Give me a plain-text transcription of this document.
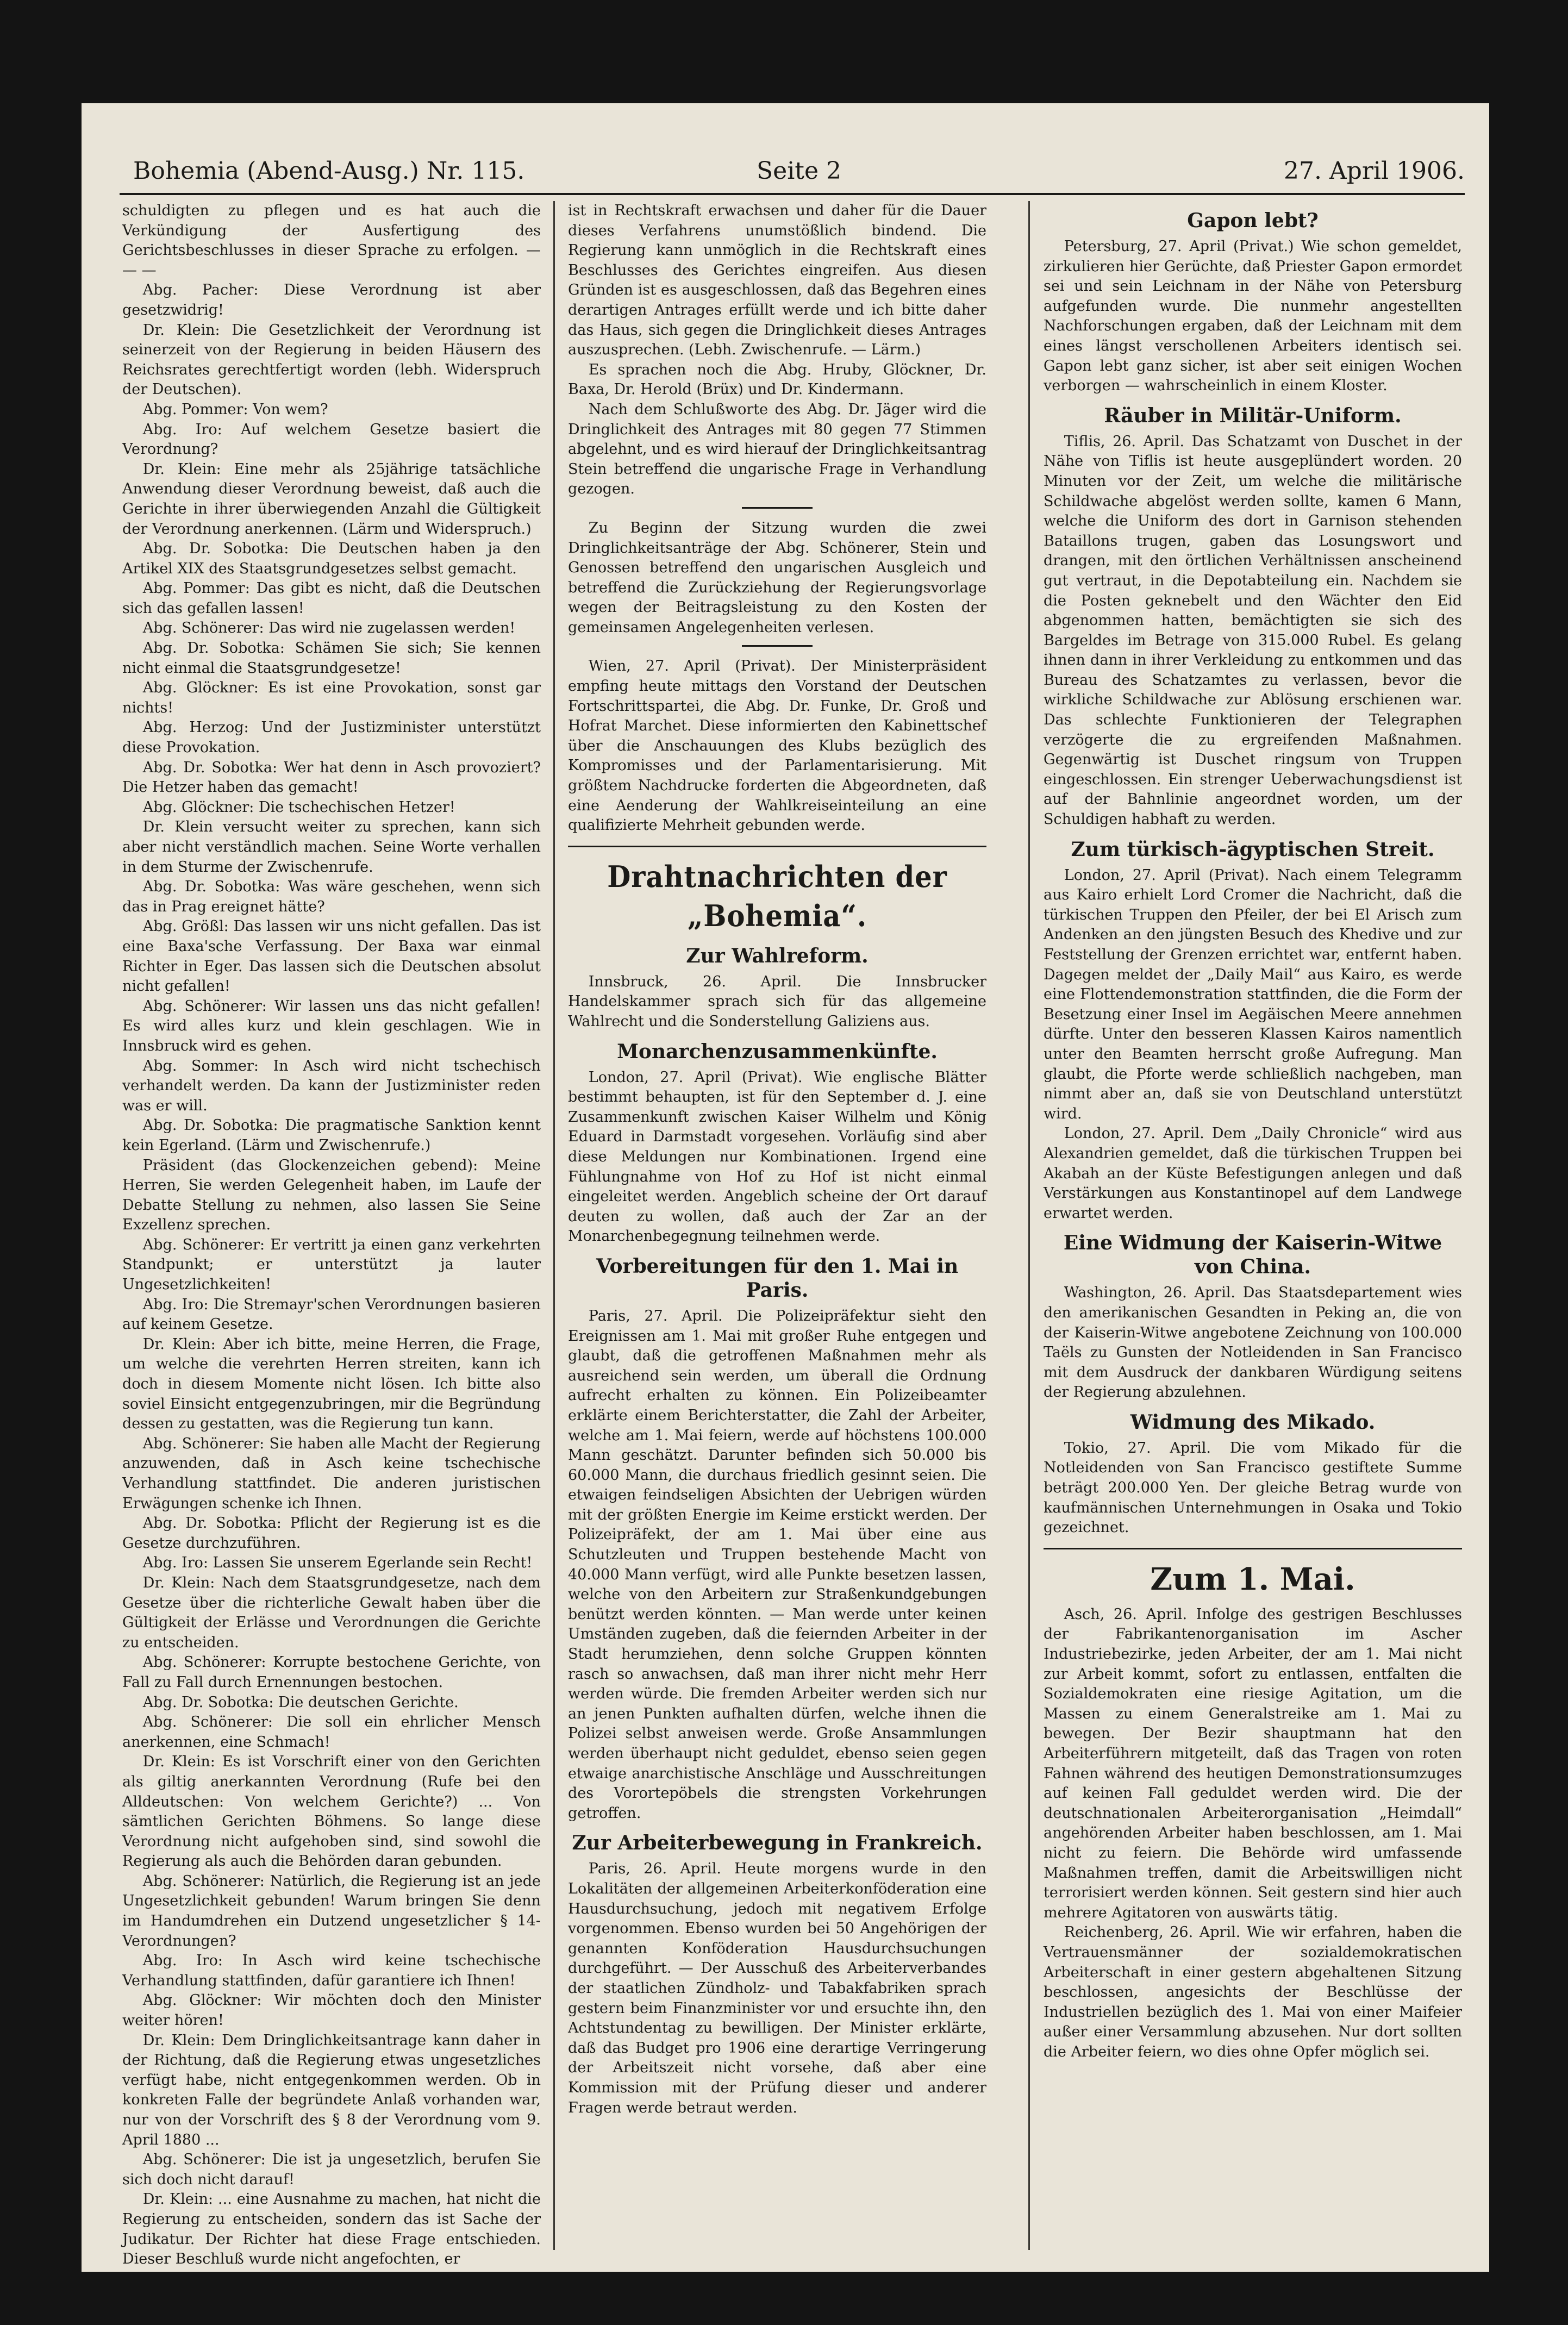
Bohemia (Abend-Ausg.) Nr. 115.	Seite 2	27. April 1906.

schuldigten zu pflegen und es hat auch die Verkündigung der Ausfertigung des Gerichtsbeschlusses in dieser Sprache zu erfolgen. — — —

Abg. Pacher: Diese Verordnung ist aber gesetzwidrig!

Dr. Klein: Die Gesetzlichkeit der Verordnung ist seinerzeit von der Regierung in beiden Häusern des Reichsrates gerechtfertigt worden (lebh. Widerspruch der Deutschen).

Abg. Pommer: Von wem?

Abg. Iro: Auf welchem Gesetze basiert die Verordnung?

Dr. Klein: Eine mehr als 25jährige tatsächliche Anwendung dieser Verordnung beweist, daß auch die Gerichte in ihrer überwiegenden Anzahl die Gültigkeit der Verordnung anerkennen. (Lärm und Widerspruch.)

Abg. Dr. Sobotka: Die Deutschen haben ja den Artikel XIX des Staatsgrundgesetzes selbst gemacht.

Abg. Pommer: Das gibt es nicht, daß die Deutschen sich das gefallen lassen!

Abg. Schönerer: Das wird nie zugelassen werden!

Abg. Dr. Sobotka: Schämen Sie sich; Sie kennen nicht einmal die Staatsgrundgesetze!

Abg. Glöckner: Es ist eine Provokation, sonst gar nichts!

Abg. Herzog: Und der Justizminister unterstützt diese Provokation.

Abg. Dr. Sobotka: Wer hat denn in Asch provoziert? Die Hetzer haben das gemacht!

Abg. Glöckner: Die tschechischen Hetzer!

Dr. Klein versucht weiter zu sprechen, kann sich aber nicht verständlich machen. Seine Worte verhallen in dem Sturme der Zwischenrufe.

Abg. Dr. Sobotka: Was wäre geschehen, wenn sich das in Prag ereignet hätte?

Abg. Größl: Das lassen wir uns nicht gefallen. Das ist eine Baxa'sche Verfassung. Der Baxa war einmal Richter in Eger. Das lassen sich die Deutschen absolut nicht gefallen!

Abg. Schönerer: Wir lassen uns das nicht gefallen! Es wird alles kurz und klein geschlagen. Wie in Innsbruck wird es gehen.

Abg. Sommer: In Asch wird nicht tschechisch verhandelt werden. Da kann der Justizminister reden was er will.

Abg. Dr. Sobotka: Die pragmatische Sanktion kennt kein Egerland. (Lärm und Zwischenrufe.)

Präsident (das Glockenzeichen gebend): Meine Herren, Sie werden Gelegenheit haben, im Laufe der Debatte Stellung zu nehmen, also lassen Sie Seine Exzellenz sprechen.

Abg. Schönerer: Er vertritt ja einen ganz verkehrten Standpunkt; er unterstützt ja lauter Ungesetzlichkeiten!

Abg. Iro: Die Stremayr'schen Verordnungen basieren auf keinem Gesetze.

Dr. Klein: Aber ich bitte, meine Herren, die Frage, um welche die verehrten Herren streiten, kann ich doch in diesem Momente nicht lösen. Ich bitte also soviel Einsicht entgegenzubringen, mir die Begründung dessen zu gestatten, was die Regierung tun kann.

Abg. Schönerer: Sie haben alle Macht der Regierung anzuwenden, daß in Asch keine tschechische Verhandlung stattfindet. Die anderen juristischen Erwägungen schenke ich Ihnen.

Abg. Dr. Sobotka: Pflicht der Regierung ist es die Gesetze durchzuführen.

Abg. Iro: Lassen Sie unserem Egerlande sein Recht!

Dr. Klein: Nach dem Staatsgrundgesetze, nach dem Gesetze über die richterliche Gewalt haben über die Gültigkeit der Erlässe und Verordnungen die Gerichte zu entscheiden.

Abg. Schönerer: Korrupte bestochene Gerichte, von Fall zu Fall durch Ernennungen bestochen.

Abg. Dr. Sobotka: Die deutschen Gerichte.

Abg. Schönerer: Die soll ein ehrlicher Mensch anerkennen, eine Schmach!

Dr. Klein: Es ist Vorschrift einer von den Gerichten als giltig anerkannten Verordnung (Rufe bei den Alldeutschen: Von welchem Gerichte?) ... Von sämtlichen Gerichten Böhmens. So lange diese Verordnung nicht aufgehoben sind, sind sowohl die Regierung als auch die Behörden daran gebunden.

Abg. Schönerer: Natürlich, die Regierung ist an jede Ungesetzlichkeit gebunden! Warum bringen Sie denn im Handumdrehen ein Dutzend ungesetzlicher § 14-Verordnungen?

Abg. Iro: In Asch wird keine tschechische Verhandlung stattfinden, dafür garantiere ich Ihnen!

Abg. Glöckner: Wir möchten doch den Minister weiter hören!

Dr. Klein: Dem Dringlichkeitsantrage kann daher in der Richtung, daß die Regierung etwas ungesetzliches verfügt habe, nicht entgegenkommen werden. Ob in konkreten Falle der begründete Anlaß vorhanden war, nur von der Vorschrift des § 8 der Verordnung vom 9. April 1880 ...

Abg. Schönerer: Die ist ja ungesetzlich, berufen Sie sich doch nicht darauf!

Dr. Klein: ... eine Ausnahme zu machen, hat nicht die Regierung zu entscheiden, sondern das ist Sache der Judikatur. Der Richter hat diese Frage entschieden. Dieser Beschluß wurde nicht angefochten, er

ist in Rechtskraft erwachsen und daher für die Dauer dieses Verfahrens unumstößlich bindend. Die Regierung kann unmöglich in die Rechtskraft eines Beschlusses des Gerichtes eingreifen. Aus diesen Gründen ist es ausgeschlossen, daß das Begehren eines derartigen Antrages erfüllt werde und ich bitte daher das Haus, sich gegen die Dringlichkeit dieses Antrages auszusprechen. (Lebh. Zwischenrufe. — Lärm.)

Es sprachen noch die Abg. Hruby, Glöckner, Dr. Baxa, Dr. Herold (Brüx) und Dr. Kindermann.

Nach dem Schlußworte des Abg. Dr. Jäger wird die Dringlichkeit des Antrages mit 80 gegen 77 Stimmen abgelehnt, und es wird hierauf der Dringlichkeitsantrag Stein betreffend die ungarische Frage in Verhandlung gezogen.

Zu Beginn der Sitzung wurden die zwei Dringlichkeitsanträge der Abg. Schönerer, Stein und Genossen betreffend den ungarischen Ausgleich und betreffend die Zurückziehung der Regierungsvorlage wegen der Beitragsleistung zu den Kosten der gemeinsamen Angelegenheiten verlesen.

Wien, 27. April (Privat). Der Ministerpräsident empfing heute mittags den Vorstand der Deutschen Fortschrittspartei, die Abg. Dr. Funke, Dr. Groß und Hofrat Marchet. Diese informierten den Kabinettschef über die Anschauungen des Klubs bezüglich des Kompromisses und der Parlamentarisierung. Mit größtem Nachdrucke forderten die Abgeordneten, daß eine Aenderung der Wahlkreiseinteilung an eine qualifizierte Mehrheit gebunden werde.

Drahtnachrichten der „Bohemia“.
Zur Wahlreform.

Innsbruck, 26. April. Die Innsbrucker Handelskammer sprach sich für das allgemeine Wahlrecht und die Sonderstellung Galiziens aus.

Monarchenzusammenkünfte.

London, 27. April (Privat). Wie englische Blätter bestimmt behaupten, ist für den September d. J. eine Zusammenkunft zwischen Kaiser Wilhelm und König Eduard in Darmstadt vorgesehen. Vorläufig sind aber diese Meldungen nur Kombinationen. Irgend eine Fühlungnahme von Hof zu Hof ist nicht einmal eingeleitet werden. Angeblich scheine der Ort darauf deuten zu wollen, daß auch der Zar an der Monarchenbegegnung teilnehmen werde.

Vorbereitungen für den 1. Mai in Paris.

Paris, 27. April. Die Polizeipräfektur sieht den Ereignissen am 1. Mai mit großer Ruhe entgegen und glaubt, daß die getroffenen Maßnahmen mehr als ausreichend sein werden, um überall die Ordnung aufrecht erhalten zu können. Ein Polizeibeamter erklärte einem Berichterstatter, die Zahl der Arbeiter, welche am 1. Mai feiern, werde auf höchstens 100.000 Mann geschätzt. Darunter befinden sich 50.000 bis 60.000 Mann, die durchaus friedlich gesinnt seien. Die etwaigen feindseligen Absichten der Uebrigen würden mit der größten Energie im Keime erstickt werden. Der Polizeipräfekt, der am 1. Mai über eine aus Schutzleuten und Truppen bestehende Macht von 40.000 Mann verfügt, wird alle Punkte besetzen lassen, welche von den Arbeitern zur Straßenkundgebungen benützt werden könnten. — Man werde unter keinen Umständen zugeben, daß die feiernden Arbeiter in der Stadt herumziehen, denn solche Gruppen könnten rasch so anwachsen, daß man ihrer nicht mehr Herr werden würde. Die fremden Arbeiter werden sich nur an jenen Punkten aufhalten dürfen, welche ihnen die Polizei selbst anweisen werde. Große Ansammlungen werden überhaupt nicht geduldet, ebenso seien gegen etwaige anarchistische Anschläge und Ausschreitungen des Vorortepöbels die strengsten Vorkehrungen getroffen.

Zur Arbeiterbewegung in Frankreich.

Paris, 26. April. Heute morgens wurde in den Lokalitäten der allgemeinen Arbeiterkonföderation eine Hausdurchsuchung, jedoch mit negativem Erfolge vorgenommen. Ebenso wurden bei 50 Angehörigen der genannten Konföderation Hausdurchsuchungen durchgeführt. — Der Ausschuß des Arbeiterverbandes der staatlichen Zündholz- und Tabakfabriken sprach gestern beim Finanzminister vor und ersuchte ihn, den Achtstundentag zu bewilligen. Der Minister erklärte, daß das Budget pro 1906 eine derartige Verringerung der Arbeitszeit nicht vorsehe, daß aber eine Kommission mit der Prüfung dieser und anderer Fragen werde betraut werden.

Gapon lebt?

Petersburg, 27. April (Privat.) Wie schon gemeldet, zirkulieren hier Gerüchte, daß Priester Gapon ermordet sei und sein Leichnam in der Nähe von Petersburg aufgefunden wurde. Die nunmehr angestellten Nachforschungen ergaben, daß der Leichnam mit dem eines längst verschollenen Arbeiters identisch sei. Gapon lebt ganz sicher, ist aber seit einigen Wochen verborgen — wahrscheinlich in einem Kloster.

Räuber in Militär-Uniform.

Tiflis, 26. April. Das Schatzamt von Duschet in der Nähe von Tiflis ist heute ausgeplündert worden. 20 Minuten vor der Zeit, um welche die militärische Schildwache abgelöst werden sollte, kamen 6 Mann, welche die Uniform des dort in Garnison stehenden Bataillons trugen, gaben das Losungswort und drangen, mit den örtlichen Verhältnissen anscheinend gut vertraut, in die Depotabteilung ein. Nachdem sie die Posten geknebelt und den Wächter den Eid abgenommen hatten, bemächtigten sie sich des Bargeldes im Betrage von 315.000 Rubel. Es gelang ihnen dann in ihrer Verkleidung zu entkommen und das Bureau des Schatzamtes zu verlassen, bevor die wirkliche Schildwache zur Ablösung erschienen war. Das schlechte Funktionieren der Telegraphen verzögerte die zu ergreifenden Maßnahmen. Gegenwärtig ist Duschet ringsum von Truppen eingeschlossen. Ein strenger Ueberwachungsdienst ist auf der Bahnlinie angeordnet worden, um der Schuldigen habhaft zu werden.

Zum türkisch-ägyptischen Streit.

London, 27. April (Privat). Nach einem Telegramm aus Kairo erhielt Lord Cromer die Nachricht, daß die türkischen Truppen den Pfeiler, der bei El Arisch zum Andenken an den jüngsten Besuch des Khedive und zur Feststellung der Grenzen errichtet war, entfernt haben. Dagegen meldet der „Daily Mail“ aus Kairo, es werde eine Flottendemonstration stattfinden, die die Form der Besetzung einer Insel im Aegäischen Meere annehmen dürfte. Unter den besseren Klassen Kairos namentlich unter den Beamten herrscht große Aufregung. Man glaubt, die Pforte werde schließlich nachgeben, man nimmt aber an, daß sie von Deutschland unterstützt wird.

London, 27. April. Dem „Daily Chronicle“ wird aus Alexandrien gemeldet, daß die türkischen Truppen bei Akabah an der Küste Befestigungen anlegen und daß Verstärkungen aus Konstantinopel auf dem Landwege erwartet werden.

Eine Widmung der Kaiserin-Witwe von China.

Washington, 26. April. Das Staatsdepartement wies den amerikanischen Gesandten in Peking an, die von der Kaiserin-Witwe angebotene Zeichnung von 100.000 Taëls zu Gunsten der Notleidenden in San Francisco mit dem Ausdruck der dankbaren Würdigung seitens der Regierung abzulehnen.

Widmung des Mikado.

Tokio, 27. April. Die vom Mikado für die Notleidenden von San Francisco gestiftete Summe beträgt 200.000 Yen. Der gleiche Betrag wurde von kaufmännischen Unternehmungen in Osaka und Tokio gezeichnet.

Zum 1. Mai.

Asch, 26. April. Infolge des gestrigen Beschlusses der Fabrikantenorganisation im Ascher Industriebezirke, jeden Arbeiter, der am 1. Mai nicht zur Arbeit kommt, sofort zu entlassen, entfalten die Sozialdemokraten eine riesige Agitation, um die Massen zu einem Generalstreike am 1. Mai zu bewegen. Der Bezir shauptmann hat den Arbeiterführern mitgeteilt, daß das Tragen von roten Fahnen während des heutigen Demonstrationsumzuges auf keinen Fall geduldet werden wird. Die der deutschnationalen Arbeiterorganisation „Heimdall“ angehörenden Arbeiter haben beschlossen, am 1. Mai nicht zu feiern. Die Behörde wird umfassende Maßnahmen treffen, damit die Arbeitswilligen nicht terrorisiert werden können. Seit gestern sind hier auch mehrere Agitatoren von auswärts tätig.

Reichenberg, 26. April. Wie wir erfahren, haben die Vertrauensmänner der sozialdemokratischen Arbeiterschaft in einer gestern abgehaltenen Sitzung beschlossen, angesichts der Beschlüsse der Industriellen bezüglich des 1. Mai von einer Maifeier außer einer Versammlung abzusehen. Nur dort sollten die Arbeiter feiern, wo dies ohne Opfer möglich sei.
